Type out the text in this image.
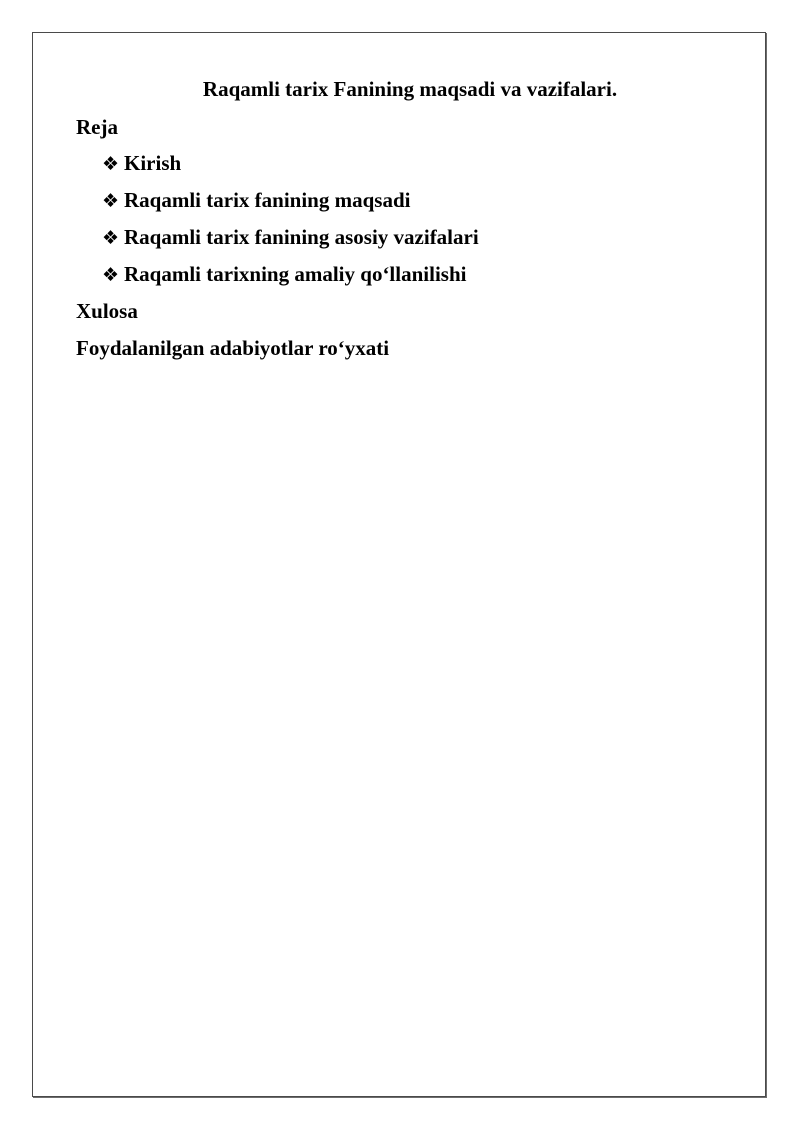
Raqamli tarix Fanining maqsadi va vazifalari.
Reja
❖ Kirish
❖ Raqamli tarix fanining maqsadi
❖ Raqamli tarix fanining asosiy vazifalari
❖ Raqamli tarixning amaliy qo‘llanilishi
Xulosa
Foydalanilgan adabiyotlar ro‘yxati
